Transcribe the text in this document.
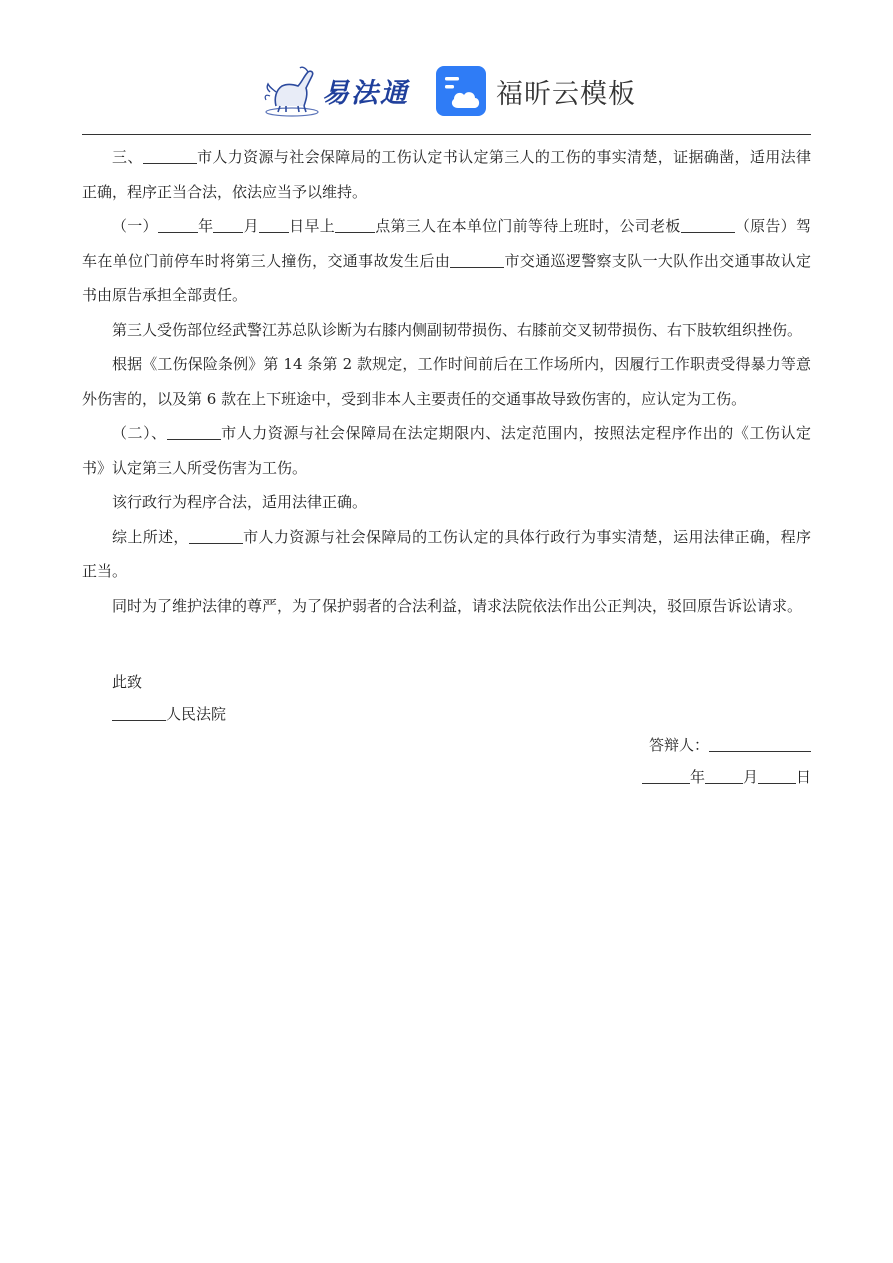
易法通	福昕云模板

三、	市人力资源与社会保障局的工伤认定书认定第三人的工伤的事实清楚，证据确凿，适用法律正确，程序正当合法，依法应当予以维持。

（一）	年 月 日早上	点第三人在本单位门前等待上班时，公司老板	（原告）驾车在单位门前停车时将第三人撞伤，交通事故发生后由	市交通巡逻警察支队一大队作出交通事故认定书由原告承担全部责任。

第三人受伤部位经武警江苏总队诊断为右膝内侧副韧带损伤、右膝前交叉韧带损伤、右下肢软组织挫伤。

根据《工伤保险条例》第 14 条第 2 款规定，工作时间前后在工作场所内，因履行工作职责受得暴力等意外伤害的，以及第 6 款在上下班途中，受到非本人主要责任的交通事故导致伤害的，应认定为工伤。

（二）、	市人力资源与社会保障局在法定期限内、法定范围内，按照法定程序作出的《工伤认定书》认定第三人所受伤害为工伤。

该行政行为程序合法，适用法律正确。

综上所述，	市人力资源与社会保障局的工伤认定的具体行政行为事实清楚，运用法律正确，程序正当。

同时为了维护法律的尊严，为了保护弱者的合法利益，请求法院依法作出公正判决，驳回原告诉讼请求。

此致
人民法院
答辩人：
年	月	日
